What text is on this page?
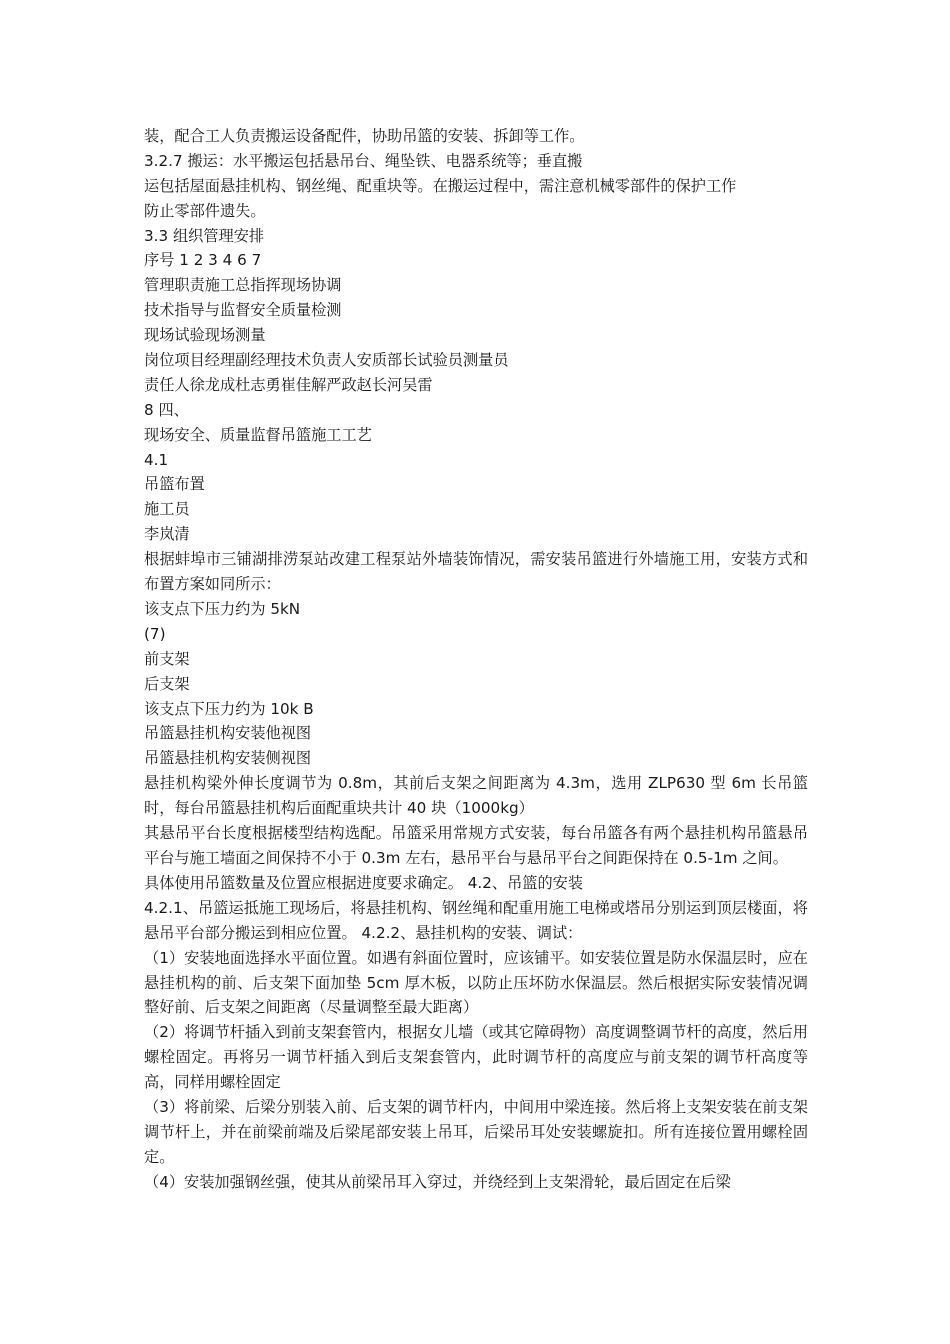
装，配合工人负责搬运设备配件，协助吊篮的安装、拆卸等工作。
3.2.7 搬运：水平搬运包括悬吊台、绳坠铁、电器系统等；垂直搬
运包括屋面悬挂机构、钢丝绳、配重块等。在搬运过程中，需注意机械零部件的保护工作
防止零部件遗失。
3.3 组织管理安排
序号 1 2 3 4 6 7
管理职责施工总指挥现场协调
技术指导与监督安全质量检测
现场试验现场测量
岗位项目经理副经理技术负责人安质部长试验员测量员
责任人徐龙成杜志勇崔佳解严政赵长河吴雷
8 四、
现场安全、质量监督吊篮施工工艺
4.1
吊篮布置
施工员
李岚清
根据蚌埠市三铺湖排涝泵站改建工程泵站外墙装饰情况，需安装吊篮进行外墙施工用，安装方式和布置方案如同所示：
该支点下压力约为 5kN
(7)
前支架
后支架
该支点下压力约为 10k B
吊篮悬挂机构安装他视图
吊篮悬挂机构安装侧视图
悬挂机构梁外伸长度调节为 0.8m，其前后支架之间距离为 4.3m，选用 ZLP630 型 6m 长吊篮时，每台吊篮悬挂机构后面配重块共计 40 块（1000kg）
其悬吊平台长度根据楼型结构选配。吊篮采用常规方式安装，每台吊篮各有两个悬挂机构吊篮悬吊平台与施工墙面之间保持不小于 0.3m 左右，悬吊平台与悬吊平台之间距保持在 0.5-1m 之间。
具体使用吊篮数量及位置应根据进度要求确定。 4.2、吊篮的安装
4.2.1、吊篮运抵施工现场后，将悬挂机构、钢丝绳和配重用施工电梯或塔吊分别运到顶层楼面，将悬吊平台部分搬运到相应位置。 4.2.2、悬挂机构的安装、调试：
（1）安装地面选择水平面位置。如遇有斜面位置时，应该铺平。如安装位置是防水保温层时，应在悬挂机构的前、后支架下面加垫 5cm 厚木板，以防止压坏防水保温层。然后根据实际安装情况调整好前、后支架之间距离（尽量调整至最大距离）
（2）将调节杆插入到前支架套管内，根据女儿墙（或其它障碍物）高度调整调节杆的高度，然后用螺栓固定。再将另一调节杆插入到后支架套管内，此时调节杆的高度应与前支架的调节杆高度等高，同样用螺栓固定
（3）将前梁、后梁分别装入前、后支架的调节杆内，中间用中梁连接。然后将上支架安装在前支架调节杆上，并在前梁前端及后梁尾部安装上吊耳，后梁吊耳处安装螺旋扣。所有连接位置用螺栓固定。
（4）安装加强钢丝强，使其从前梁吊耳入穿过，并绕经到上支架滑轮，最后固定在后梁
